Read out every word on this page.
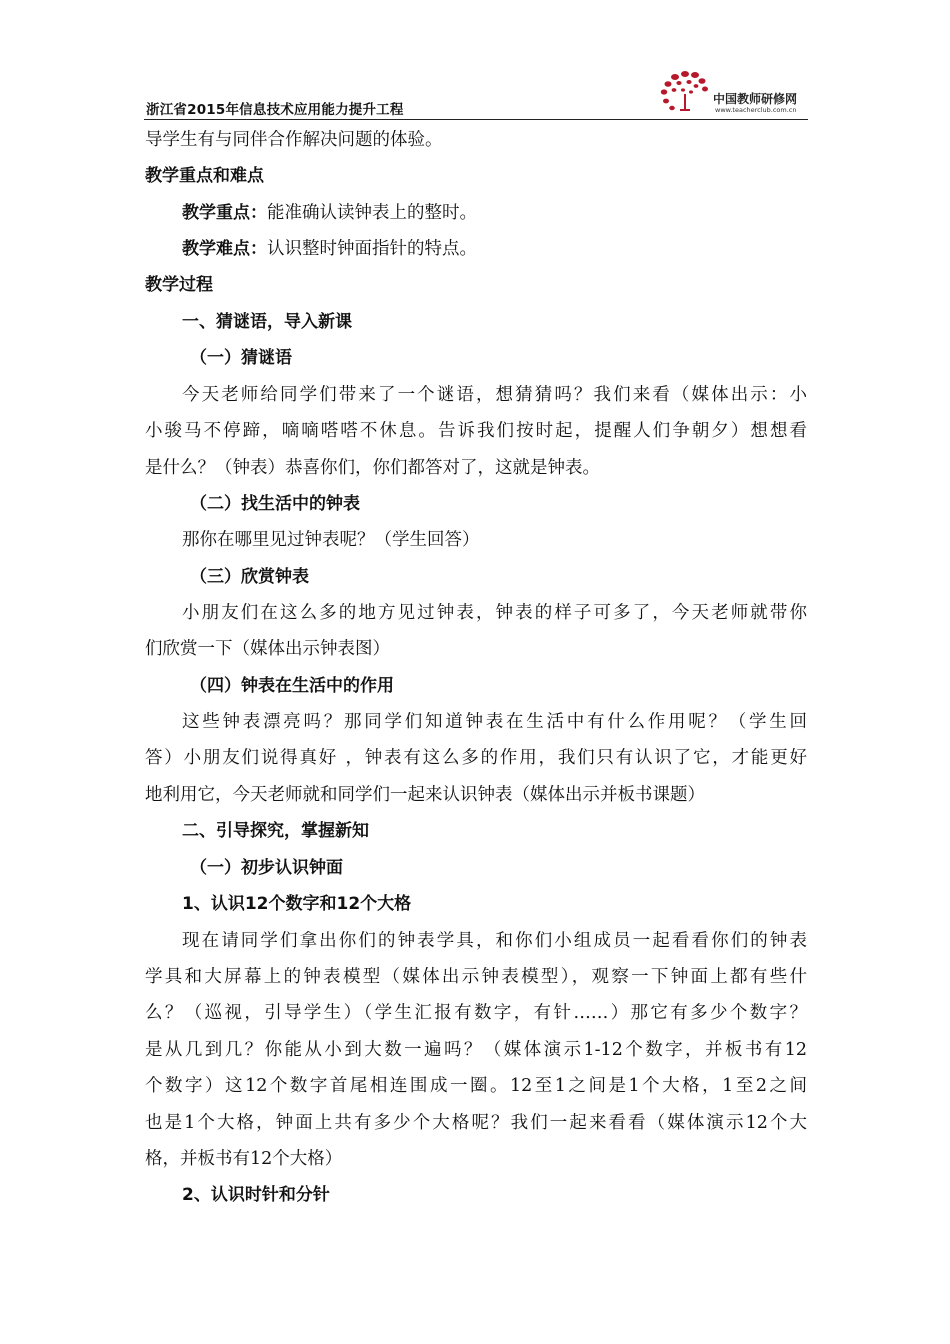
浙江省2015年信息技术应用能力提升工程
中国教师研修网
www.teacherclub.com.cn
导学生有与同伴合作解决问题的体验。
教学重点和难点
教学重点：能准确认读钟表上的整时。
教学难点：认识整时钟面指针的特点。
教学过程
一、猜谜语，导入新课
（一）猜谜语
今天老师给同学们带来了一个谜语，想猜猜吗？我们来看（媒体出示：小
小骏马不停蹄，嘀嘀嗒嗒不休息。告诉我们按时起，提醒人们争朝夕）想想看
是什么？（钟表）恭喜你们，你们都答对了，这就是钟表。
（二）找生活中的钟表
那你在哪里见过钟表呢？（学生回答）
（三）欣赏钟表
小朋友们在这么多的地方见过钟表，钟表的样子可多了，今天老师就带你
们欣赏一下（媒体出示钟表图）
（四）钟表在生活中的作用
这些钟表漂亮吗？那同学们知道钟表在生活中有什么作用呢？（学生回
答）小朋友们说得真好 ，钟表有这么多的作用，我们只有认识了它，才能更好
地利用它，今天老师就和同学们一起来认识钟表（媒体出示并板书课题）
二、引导探究，掌握新知
（一）初步认识钟面
1、认识12个数字和12个大格
现在请同学们拿出你们的钟表学具，和你们小组成员一起看看你们的钟表
学具和大屏幕上的钟表模型（媒体出示钟表模型），观察一下钟面上都有些什
么？（巡视，引导学生）（学生汇报有数字，有针……）那它有多少个数字？
是从几到几？你能从小到大数一遍吗？（媒体演示1-12个数字，并板书有12
个数字）这12个数字首尾相连围成一圈。12至1之间是1个大格，1至2之间
也是1个大格，钟面上共有多少个大格呢？我们一起来看看（媒体演示12个大
格，并板书有12个大格）
2、认识时针和分针
